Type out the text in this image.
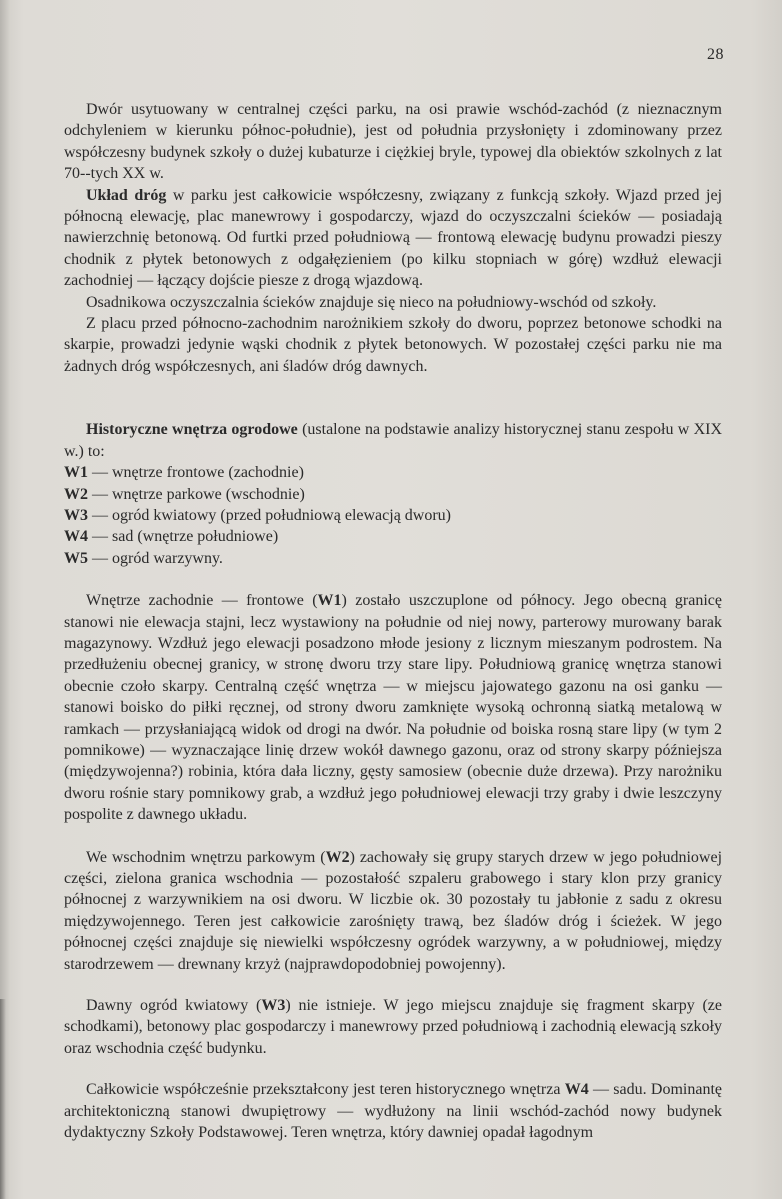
28

Dwór usytuowany w centralnej części parku, na osi prawie wschód-zachód (z nieznacznym odchyleniem w kierunku północ-południe), jest od południa przysłonięty i zdominowany przez współczesny budynek szkoły o dużej kubaturze i ciężkiej bryle, typowej dla obiektów szkolnych z lat 70--tych XX w.

Układ dróg w parku jest całkowicie współczesny, związany z funkcją szkoły. Wjazd przed jej północną elewację, plac manewrowy i gospodarczy, wjazd do oczyszczalni ścieków — posiadają nawierzchnię betonową. Od furtki przed południową — frontową elewację budynu prowadzi pieszy chodnik z płytek betonowych z odgałęzieniem (po kilku stopniach w górę) wzdłuż elewacji zachodniej — łączący dojście piesze z drogą wjazdową.

Osadnikowa oczyszczalnia ścieków znajduje się nieco na południowy-wschód od szkoły.

Z placu przed północno-zachodnim narożnikiem szkoły do dworu, poprzez betonowe schodki na skarpie, prowadzi jedynie wąski chodnik z płytek betonowych. W pozostałej części parku nie ma żadnych dróg współczesnych, ani śladów dróg dawnych.

Historyczne wnętrza ogrodowe (ustalone na podstawie analizy historycznej stanu zespołu w XIX w.) to:

W1 — wnętrze frontowe (zachodnie)
W2 — wnętrze parkowe (wschodnie)
W3 — ogród kwiatowy (przed południową elewacją dworu)
W4 — sad (wnętrze południowe)
W5 — ogród warzywny.

Wnętrze zachodnie — frontowe (W1) zostało uszczuplone od północy. Jego obecną granicę stanowi nie elewacja stajni, lecz wystawiony na południe od niej nowy, parterowy murowany barak magazynowy. Wzdłuż jego elewacji posadzono młode jesiony z licznym mieszanym podrostem. Na przedłużeniu obecnej granicy, w stronę dworu trzy stare lipy. Południową granicę wnętrza stanowi obecnie czoło skarpy. Centralną część wnętrza — w miejscu jajowatego gazonu na osi ganku — stanowi boisko do piłki ręcznej, od strony dworu zamknięte wysoką ochronną siatką metalową w ramkach — przysłaniającą widok od drogi na dwór. Na południe od boiska rosną stare lipy (w tym 2 pomnikowe) — wyznaczające linię drzew wokół dawnego gazonu, oraz od strony skarpy późniejsza (międzywojenna?) robinia, która dała liczny, gęsty samosiew (obecnie duże drzewa). Przy narożniku dworu rośnie stary pomnikowy grab, a wzdłuż jego południowej elewacji trzy graby i dwie leszczyny pospolite z dawnego układu.

We wschodnim wnętrzu parkowym (W2) zachowały się grupy starych drzew w jego południowej części, zielona granica wschodnia — pozostałość szpaleru grabowego i stary klon przy granicy północnej z warzywnikiem na osi dworu. W liczbie ok. 30 pozostały tu jabłonie z sadu z okresu międzywojennego. Teren jest całkowicie zarośnięty trawą, bez śladów dróg i ścieżek. W jego północnej części znajduje się niewielki współczesny ogródek warzywny, a w południowej, między starodrzewem — drewnany krzyż (najprawdopodobniej powojenny).

Dawny ogród kwiatowy (W3) nie istnieje. W jego miejscu znajduje się fragment skarpy (ze schodkami), betonowy plac gospodarczy i manewrowy przed południową i zachodnią elewacją szkoły oraz wschodnia część budynku.

Całkowicie współcześnie przekształcony jest teren historycznego wnętrza W4 — sadu. Dominantę architektoniczną stanowi dwupiętrowy — wydłużony na linii wschód-zachód nowy budynek dydaktyczny Szkoły Podstawowej. Teren wnętrza, który dawniej opadał łagodnym
